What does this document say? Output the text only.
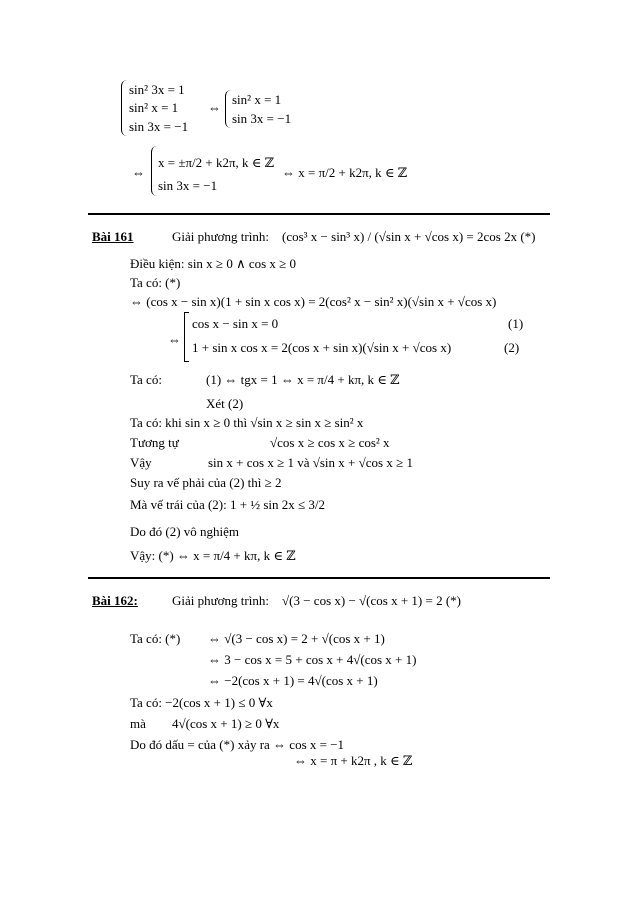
sin² 3x = 1
sin² x = 1
sin 3x = −1
⇔
sin² x = 1
sin 3x = −1
⇔
x = ±π/2 + k2π, k ∈ ℤ
sin 3x = −1
⇔ x = π/2 + k2π, k ∈ ℤ
Bài 161	Giải phương trình: (cos³ x − sin³ x) / (√sin x + √cos x) = 2cos 2x (*)
Điều kiện: sin x ≥ 0 ∧ cos x ≥ 0
Ta có: (*)
⇔ (cos x − sin x)(1 + sin x cos x) = 2(cos² x − sin² x)(√sin x + √cos x)
⇔
cos x − sin x = 0	(1)
1 + sin x cos x = 2(cos x + sin x)(√sin x + √cos x)	(2)
Ta có:	(1) ⇔ tgx = 1 ⇔ x = π/4 + kπ, k ∈ ℤ
Xét (2)
Ta có: khi sin x ≥ 0 thì √sin x ≥ sin x ≥ sin² x
Tương tự	√cos x ≥ cos x ≥ cos² x
Vậy	sin x + cos x ≥ 1 và √sin x + √cos x ≥ 1
Suy ra vế phải của (2) thì ≥ 2
Mà vế trái của (2): 1 + ½ sin 2x ≤ 3/2
Do đó (2) vô nghiệm
Vậy: (*) ⇔ x = π/4 + kπ, k ∈ ℤ
Bài 162:	Giải phương trình: √(3 − cos x) − √(cos x + 1) = 2 (*)
Ta có: (*) ⇔ √(3 − cos x) = 2 + √(cos x + 1)
⇔ 3 − cos x = 5 + cos x + 4√(cos x + 1)
⇔ −2(cos x + 1) = 4√(cos x + 1)
Ta có: −2(cos x + 1) ≤ 0 ∀x
mà 4√(cos x + 1) ≥ 0 ∀x
Do đó dấu = của (*) xảy ra ⇔ cos x = −1
⇔ x = π + k2π , k ∈ ℤ
